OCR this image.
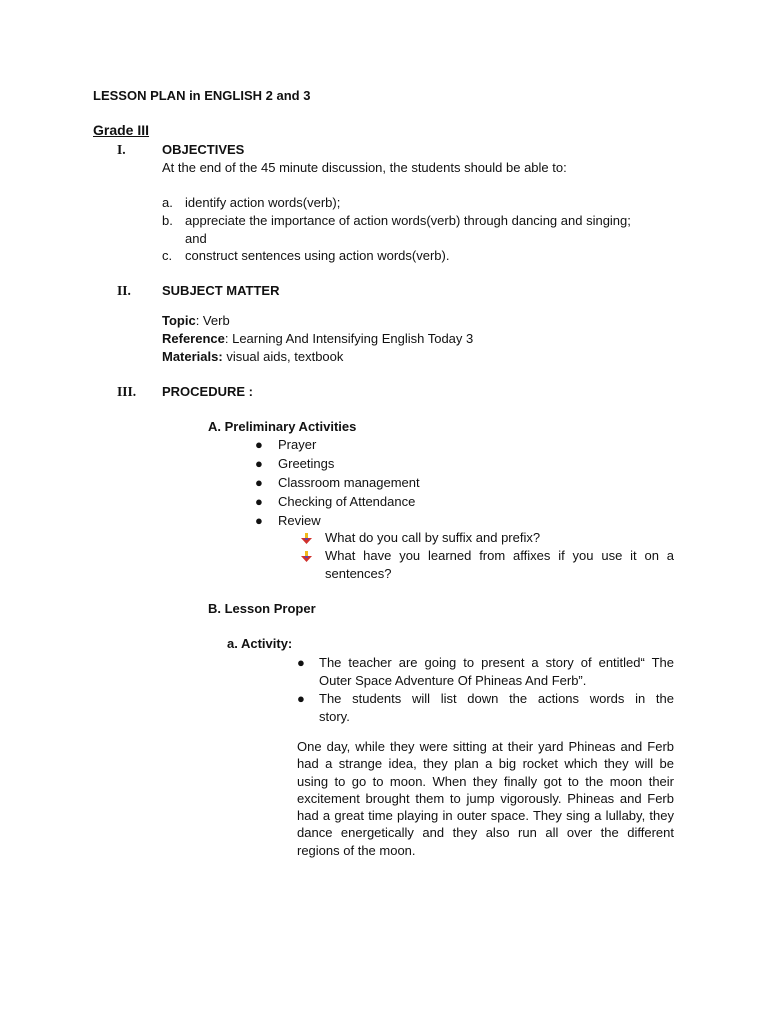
LESSON PLAN in ENGLISH 2 and 3
Grade III
I.	OBJECTIVES
At the end of the 45 minute discussion, the students should be able to:
a. identify action words(verb);
b. appreciate the importance of action words(verb) through dancing and singing;
and
c. construct sentences using action words(verb).
II. SUBJECT MATTER
Topic: Verb
Reference: Learning And Intensifying English Today 3
Materials: visual aids, textbook
III. PROCEDURE :
A. Preliminary Activities
● Prayer
● Greetings
● Classroom management
● Checking of Attendance
● Review
What do you call by suffix and prefix?
What have you learned from affixes if you use it on a
sentences?
B. Lesson Proper
a. Activity:
● The teacher are going to present a story of entitled“ The
Outer Space Adventure Of Phineas And Ferb”.
● The students will list down the actions words in the
story.
One day, while they were sitting at their yard Phineas and Ferb had a strange idea, they plan a big rocket which they will be using to go to moon. When they finally got to the moon their excitement brought them to jump vigorously. Phineas and Ferb had a great time playing in outer space. They sing a lullaby, they dance energetically and they also run all over the different regions of the moon.
